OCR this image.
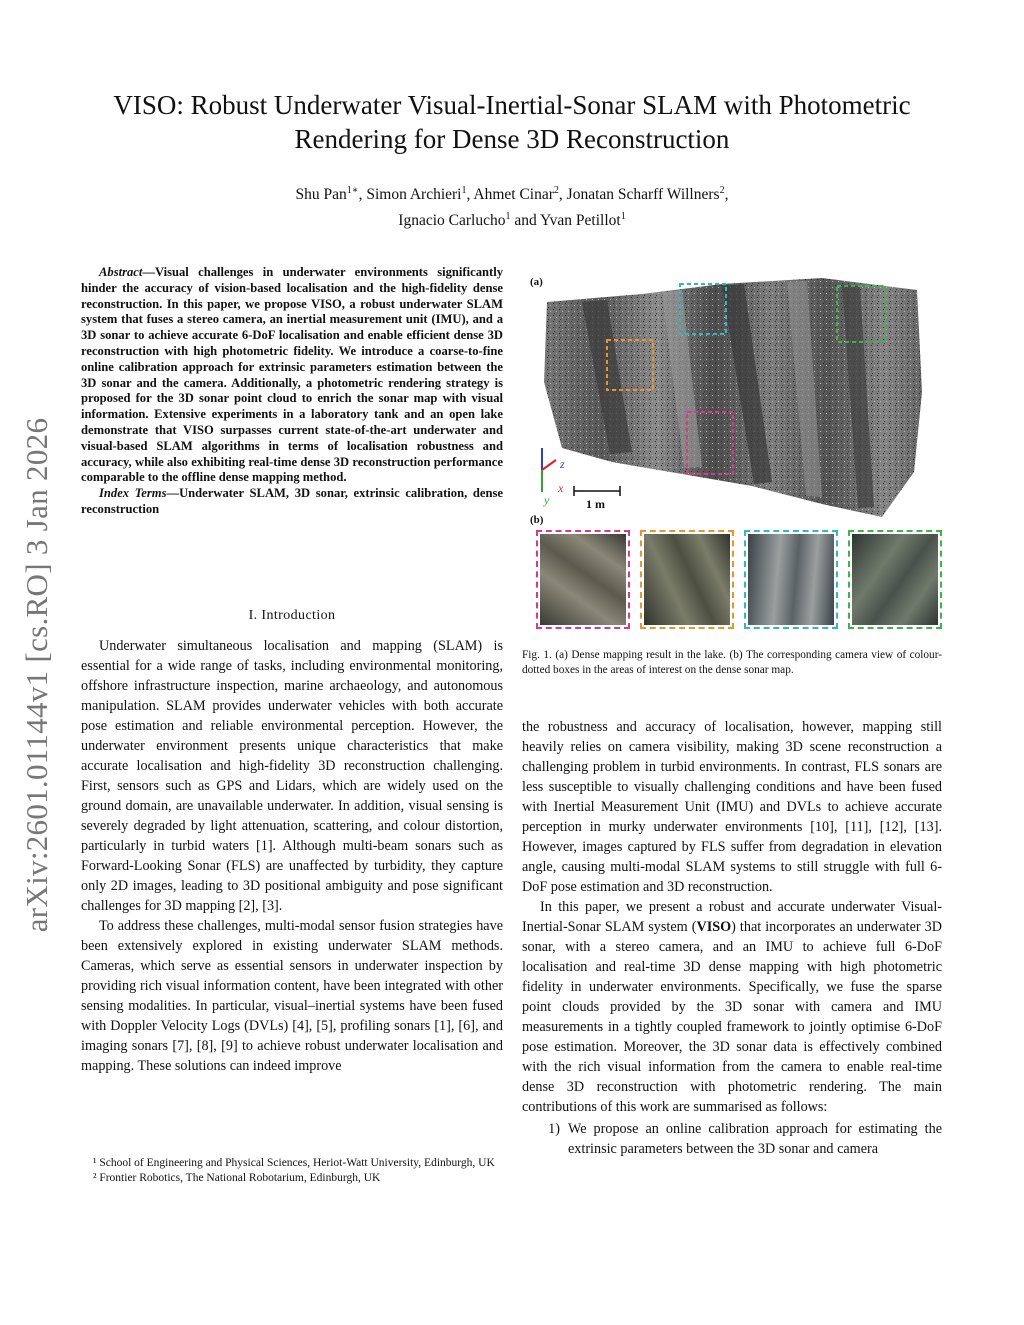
arXiv:2601.01144v1 [cs.RO] 3 Jan 2026
VISO: Robust Underwater Visual-Inertial-Sonar SLAM with Photometric
Rendering for Dense 3D Reconstruction
Shu Pan$^{1∗}$, Simon Archieri$^1$, Ahmet Cinar$^2$, Jonatan Scharff Willners$^2$,
Ignacio Carlucho$^1$ and Yvan Petillot$^1$
Abstract—Visual challenges in underwater environments significantly hinder the accuracy of vision-based localisation and the high-fidelity dense reconstruction. In this paper, we propose VISO, a robust underwater SLAM system that fuses a stereo camera, an inertial measurement unit (IMU), and a 3D sonar to achieve accurate 6-DoF localisation and enable efficient dense 3D reconstruction with high photometric fidelity. We introduce a coarse-to-fine online calibration approach for extrinsic parameters estimation between the 3D sonar and the camera. Additionally, a photometric rendering strategy is proposed for the 3D sonar point cloud to enrich the sonar map with visual information. Extensive experiments in a laboratory tank and an open lake demonstrate that VISO surpasses current state-of-the-art underwater and visual-based SLAM algorithms in terms of localisation robustness and accuracy, while also exhibiting real-time dense 3D reconstruction performance comparable to the offline dense mapping method.
Index Terms—Underwater SLAM, 3D sonar, extrinsic calibration, dense reconstruction
I. Introduction

Underwater simultaneous localisation and mapping (SLAM) is essential for a wide range of tasks, including environmental monitoring, offshore infrastructure inspection, marine archaeology, and autonomous manipulation. SLAM provides underwater vehicles with both accurate pose estimation and reliable environmental perception. However, the underwater environment presents unique characteristics that make accurate localisation and high-fidelity 3D reconstruction challenging. First, sensors such as GPS and Lidars, which are widely used on the ground domain, are unavailable underwater. In addition, visual sensing is severely degraded by light attenuation, scattering, and colour distortion, particularly in turbid waters [1]. Although multi-beam sonars such as Forward-Looking Sonar (FLS) are unaffected by turbidity, they capture only 2D images, leading to 3D positional ambiguity and pose significant challenges for 3D mapping [2], [3].

To address these challenges, multi-modal sensor fusion strategies have been extensively explored in existing underwater SLAM methods. Cameras, which serve as essential sensors in underwater inspection by providing rich visual information content, have been integrated with other sensing modalities. In particular, visual–inertial systems have been fused with Doppler Velocity Logs (DVLs) [4], [5], profiling sonars [1], [6], and imaging sonars [7], [8], [9] to achieve robust underwater localisation and mapping. These solutions can indeed improve

¹ School of Engineering and Physical Sciences, Heriot-Watt University, Edinburgh, UK
² Frontier Robotics, The National Robotarium, Edinburgh, UK
(a)
z
x
y	1 m
(b)
Fig. 1. (a) Dense mapping result in the lake. (b) The corresponding camera view of colour-dotted boxes in the areas of interest on the dense sonar map.

the robustness and accuracy of localisation, however, mapping still heavily relies on camera visibility, making 3D scene reconstruction a challenging problem in turbid environments. In contrast, FLS sonars are less susceptible to visually challenging conditions and have been fused with Inertial Measurement Unit (IMU) and DVLs to achieve accurate perception in murky underwater environments [10], [11], [12], [13]. However, images captured by FLS suffer from degradation in elevation angle, causing multi-modal SLAM systems to still struggle with full 6-DoF pose estimation and 3D reconstruction.

In this paper, we present a robust and accurate underwater Visual-Inertial-Sonar SLAM system (VISO) that incorporates an underwater 3D sonar, with a stereo camera, and an IMU to achieve full 6-DoF localisation and real-time 3D dense mapping with high photometric fidelity in underwater environments. Specifically, we fuse the sparse point clouds provided by the 3D sonar with camera and IMU measurements in a tightly coupled framework to jointly optimise 6-DoF pose estimation. Moreover, the 3D sonar data is effectively combined with the rich visual information from the camera to enable real-time dense 3D reconstruction with photometric rendering. The main contributions of this work are summarised as follows:

1) We propose an online calibration approach for estimating the extrinsic parameters between the 3D sonar and camera
